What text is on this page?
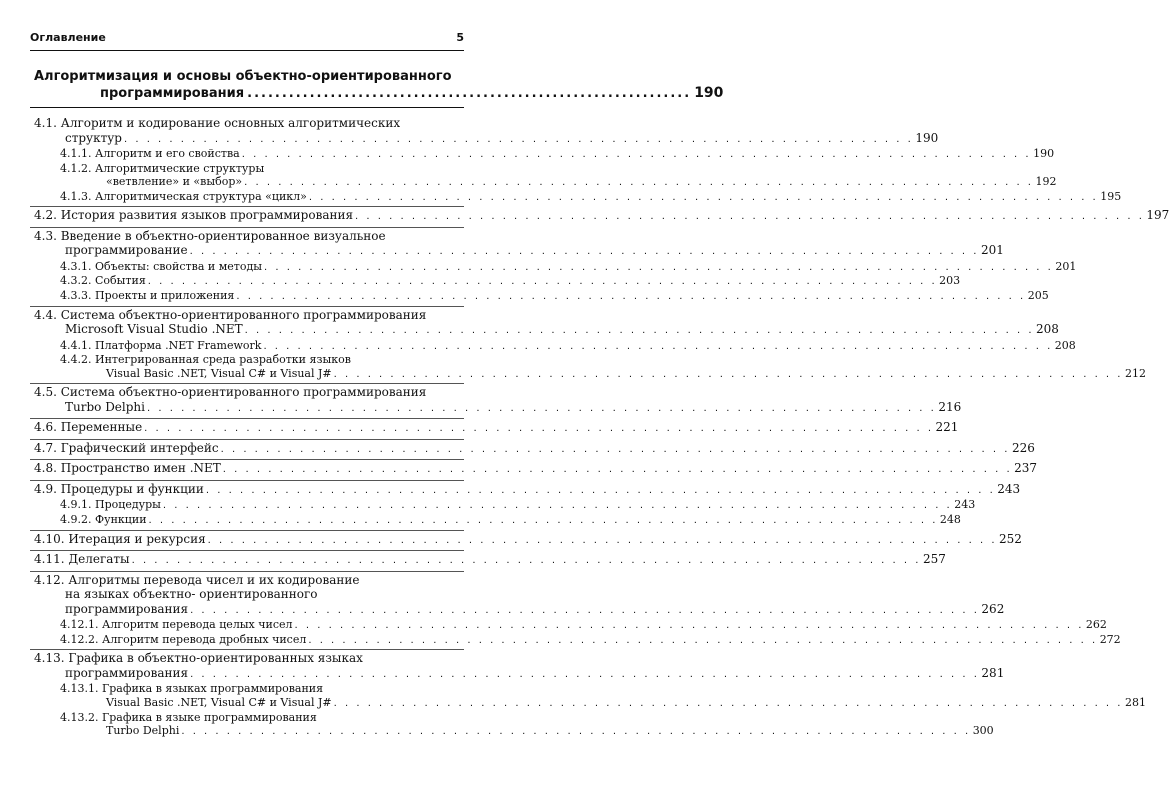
Оглавление	5
Алгоритмизация и основы объектно-ориентированного
программирования ................................................................ 190
4.1. Алгоритм и кодирование основных алгоритмических
структур . . . . . . . . . . . . . . . . . . . . . . . . . . . . . . . . . . . . . . . . . . . . . . . . . . . . . . . . . . . . . . . . . . . . . . 190
4.1.1. Алгоритм и его свойства . . . . . . . . . . . . . . . . . . . . . . . . . . . . . . . . . . . . . . . . . . . . . . . . . . . . . . . . . . . . . . . . . . . . . . 190
4.1.2. Алгоритмические структуры
«ветвление» и «выбор» . . . . . . . . . . . . . . . . . . . . . . . . . . . . . . . . . . . . . . . . . . . . . . . . . . . . . . . . . . . . . . . . . . . . . . 192
4.1.3. Алгоритмическая структура «цикл» . . . . . . . . . . . . . . . . . . . . . . . . . . . . . . . . . . . . . . . . . . . . . . . . . . . . . . . . . . . . . . . . . . . . . . 195
4.2. История развития языков программирования . . . . . . . . . . . . . . . . . . . . . . . . . . . . . . . . . . . . . . . . . . . . . . . . . . . . . . . . . . . . . . . . . . . . . . 197
4.3. Введение в объектно-ориентированное визуальное
программирование . . . . . . . . . . . . . . . . . . . . . . . . . . . . . . . . . . . . . . . . . . . . . . . . . . . . . . . . . . . . . . . . . . . . . . 201
4.3.1. Объекты: свойства и методы . . . . . . . . . . . . . . . . . . . . . . . . . . . . . . . . . . . . . . . . . . . . . . . . . . . . . . . . . . . . . . . . . . . . . . 201
4.3.2. События . . . . . . . . . . . . . . . . . . . . . . . . . . . . . . . . . . . . . . . . . . . . . . . . . . . . . . . . . . . . . . . . . . . . . . 203
4.3.3. Проекты и приложения . . . . . . . . . . . . . . . . . . . . . . . . . . . . . . . . . . . . . . . . . . . . . . . . . . . . . . . . . . . . . . . . . . . . . . 205
4.4. Система объектно-ориентированного программирования
Microsoft Visual Studio .NET . . . . . . . . . . . . . . . . . . . . . . . . . . . . . . . . . . . . . . . . . . . . . . . . . . . . . . . . . . . . . . . . . . . . . . 208
4.4.1. Платформа .NET Framework . . . . . . . . . . . . . . . . . . . . . . . . . . . . . . . . . . . . . . . . . . . . . . . . . . . . . . . . . . . . . . . . . . . . . . 208
4.4.2. Интегрированная среда разработки языков
Visual Basic .NET, Visual C# и Visual J# . . . . . . . . . . . . . . . . . . . . . . . . . . . . . . . . . . . . . . . . . . . . . . . . . . . . . . . . . . . . . . . . . . . . . . 212
4.5. Система объектно-ориентированного программирования
Turbo Delphi . . . . . . . . . . . . . . . . . . . . . . . . . . . . . . . . . . . . . . . . . . . . . . . . . . . . . . . . . . . . . . . . . . . . . . 216
4.6. Переменные . . . . . . . . . . . . . . . . . . . . . . . . . . . . . . . . . . . . . . . . . . . . . . . . . . . . . . . . . . . . . . . . . . . . . . 221
4.7. Графический интерфейс . . . . . . . . . . . . . . . . . . . . . . . . . . . . . . . . . . . . . . . . . . . . . . . . . . . . . . . . . . . . . . . . . . . . . . 226
4.8. Пространство имен .NET . . . . . . . . . . . . . . . . . . . . . . . . . . . . . . . . . . . . . . . . . . . . . . . . . . . . . . . . . . . . . . . . . . . . . . 237
4.9. Процедуры и функции . . . . . . . . . . . . . . . . . . . . . . . . . . . . . . . . . . . . . . . . . . . . . . . . . . . . . . . . . . . . . . . . . . . . . . 243
4.9.1. Процедуры . . . . . . . . . . . . . . . . . . . . . . . . . . . . . . . . . . . . . . . . . . . . . . . . . . . . . . . . . . . . . . . . . . . . . . 243
4.9.2. Функции . . . . . . . . . . . . . . . . . . . . . . . . . . . . . . . . . . . . . . . . . . . . . . . . . . . . . . . . . . . . . . . . . . . . . . 248
4.10. Итерация и рекурсия . . . . . . . . . . . . . . . . . . . . . . . . . . . . . . . . . . . . . . . . . . . . . . . . . . . . . . . . . . . . . . . . . . . . . . 252
4.11. Делегаты . . . . . . . . . . . . . . . . . . . . . . . . . . . . . . . . . . . . . . . . . . . . . . . . . . . . . . . . . . . . . . . . . . . . . . 257
4.12. Алгоритмы перевода чисел и их кодирование
на языках объектно- ориентированного
программирования . . . . . . . . . . . . . . . . . . . . . . . . . . . . . . . . . . . . . . . . . . . . . . . . . . . . . . . . . . . . . . . . . . . . . . 262
4.12.1. Алгоритм перевода целых чисел . . . . . . . . . . . . . . . . . . . . . . . . . . . . . . . . . . . . . . . . . . . . . . . . . . . . . . . . . . . . . . . . . . . . . . 262
4.12.2. Алгоритм перевода дробных чисел . . . . . . . . . . . . . . . . . . . . . . . . . . . . . . . . . . . . . . . . . . . . . . . . . . . . . . . . . . . . . . . . . . . . . . 272
4.13. Графика в объектно-ориентированных языках
программирования . . . . . . . . . . . . . . . . . . . . . . . . . . . . . . . . . . . . . . . . . . . . . . . . . . . . . . . . . . . . . . . . . . . . . . 281
4.13.1. Графика в языках программирования
Visual Basic .NET, Visual C# и Visual J# . . . . . . . . . . . . . . . . . . . . . . . . . . . . . . . . . . . . . . . . . . . . . . . . . . . . . . . . . . . . . . . . . . . . . . 281
4.13.2. Графика в языке программирования
Turbo Delphi . . . . . . . . . . . . . . . . . . . . . . . . . . . . . . . . . . . . . . . . . . . . . . . . . . . . . . . . . . . . . . . . . . . . . . 300
